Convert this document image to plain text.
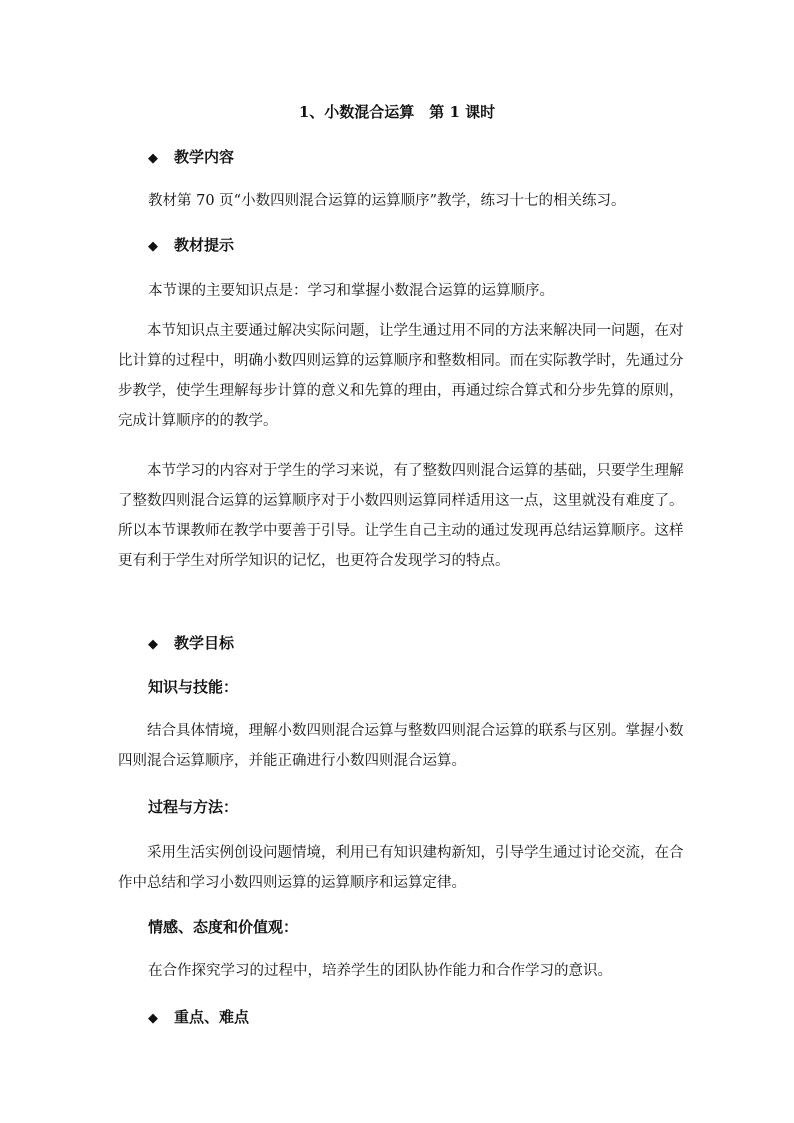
1、小数混合运算　第 1 课时
◆ 教学内容

教材第 70 页“小数四则混合运算的运算顺序”教学，练习十七的相关练习。

◆ 教材提示

本节课的主要知识点是：学习和掌握小数混合运算的运算顺序。

本节知识点主要通过解决实际问题，让学生通过用不同的方法来解决同一问题，在对比计算的过程中，明确小数四则运算的运算顺序和整数相同。而在实际教学时，先通过分步教学，使学生理解每步计算的意义和先算的理由，再通过综合算式和分步先算的原则，完成计算顺序的的教学。

本节学习的内容对于学生的学习来说，有了整数四则混合运算的基础，只要学生理解了整数四则混合运算的运算顺序对于小数四则运算同样适用这一点，这里就没有难度了。所以本节课教师在教学中要善于引导。让学生自己主动的通过发现再总结运算顺序。这样更有利于学生对所学知识的记忆，也更符合发现学习的特点。

◆ 教学目标
知识与技能：

结合具体情境，理解小数四则混合运算与整数四则混合运算的联系与区别。掌握小数四则混合运算顺序，并能正确进行小数四则混合运算。

过程与方法：

采用生活实例创设问题情境，利用已有知识建构新知，引导学生通过讨论交流，在合作中总结和学习小数四则运算的运算顺序和运算定律。

情感、态度和价值观：

在合作探究学习的过程中，培养学生的团队协作能力和合作学习的意识。

◆ 重点、难点
